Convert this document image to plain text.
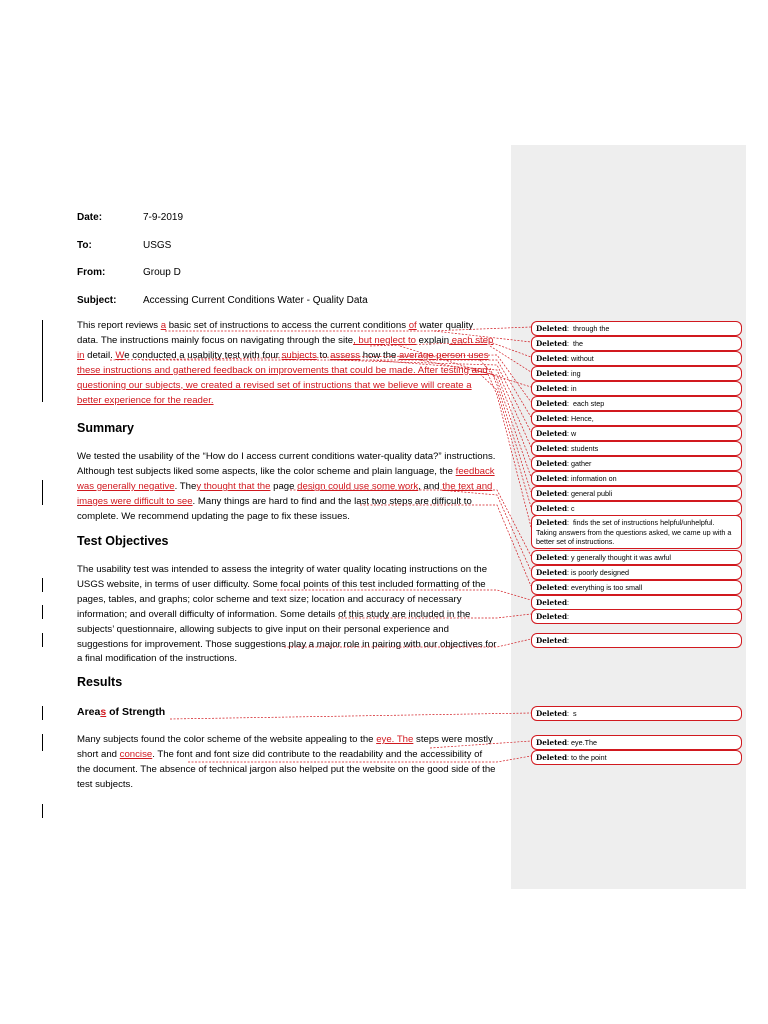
Date:	7-9-2019
To:	USGS
From:	Group D
Subject:	Accessing Current Conditions Water - Quality Data
This report reviews a basic set of instructions to access the current conditions of water quality data. The instructions mainly focus on navigating through the site, but neglect to explain each step in detail. We conducted a usability test with four subjects to assess how the average person uses these instructions and gathered feedback on improvements that could be made. After testing and questioning our subjects, we created a revised set of instructions that we believe will create a better experience for the reader.
Summary
We tested the usability of the “How do I access current conditions water-quality data?” instructions. Although test subjects liked some aspects, like the color scheme and plain language, the feedback was generally negative. They thought that the page design could use some work, and the text and images were difficult to see. Many things are hard to find and the last two steps are difficult to complete. We recommend updating the page to fix these issues.
Test Objectives
The usability test was intended to assess the integrity of water quality locating instructions on the USGS website, in terms of user difficulty. Some focal points of this test included formatting of the pages, tables, and graphs; color scheme and text size; location and accuracy of necessary information; and overall difficulty of information. Some details of this study are included in the subjects’ questionnaire, allowing subjects to give input on their personal experience and suggestions for improvement. Those suggestions play a major role in pairing with our objectives for a final modification of the instructions.
Results
Areas of Strength
Many subjects found the color scheme of the website appealing to the eye. The steps were mostly short and concise. The font and font size did contribute to the readability and the accessibility of the document. The absence of technical jargon also helped put the website on the good side of the test subjects.
Deleted:  through the
Deleted:  the
Deleted: without
Deleted: ing
Deleted: in
Deleted:  each step
Deleted: Hence,
Deleted: w
Deleted: students
Deleted: gather
Deleted: information on
Deleted: general publi
Deleted: c
Deleted:  finds the set of instructions helpful/unhelpful. Taking answers from the questions asked, we came up with a better set of instructions.
Deleted: y generally thought it was awful
Deleted: is poorly designed
Deleted: everything is too small
Deleted:
Deleted:
Deleted:
Deleted:  s
Deleted: eye.The
Deleted: to the point
